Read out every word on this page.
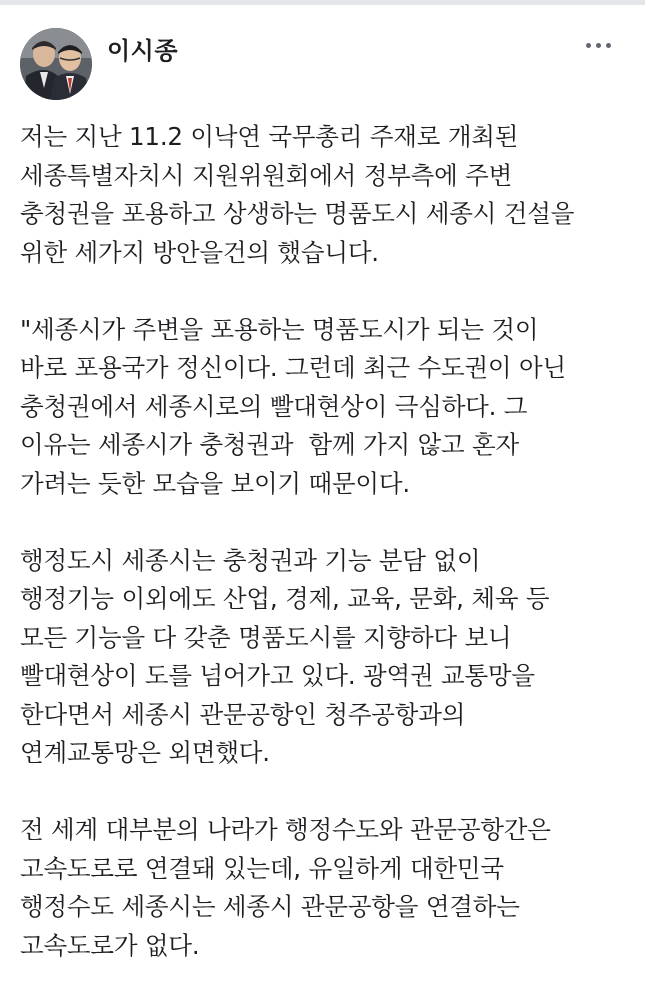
이시종
저는 지난 11.2 이낙연 국무총리 주재로 개최된
세종특별자치시 지원위원회에서 정부측에 주변
충청권을 포용하고 상생하는 명품도시 세종시 건설을
위한 세가지 방안을건의 했습니다.
"세종시가 주변을 포용하는 명품도시가 되는 것이
바로 포용국가 정신이다. 그런데 최근 수도권이 아닌
충청권에서 세종시로의 빨대현상이 극심하다. 그
이유는 세종시가 충청권과  함께 가지 않고 혼자
가려는 듯한 모습을 보이기 때문이다.
행정도시 세종시는 충청권과 기능 분담 없이
행정기능 이외에도 산업, 경제, 교육, 문화, 체육 등
모든 기능을 다 갖춘 명품도시를 지향하다 보니
빨대현상이 도를 넘어가고 있다. 광역권 교통망을
한다면서 세종시 관문공항인 청주공항과의
연계교통망은 외면했다.
전 세계 대부분의 나라가 행정수도와 관문공항간은
고속도로로 연결돼 있는데, 유일하게 대한민국
행정수도 세종시는 세종시 관문공항을 연결하는
고속도로가 없다.
